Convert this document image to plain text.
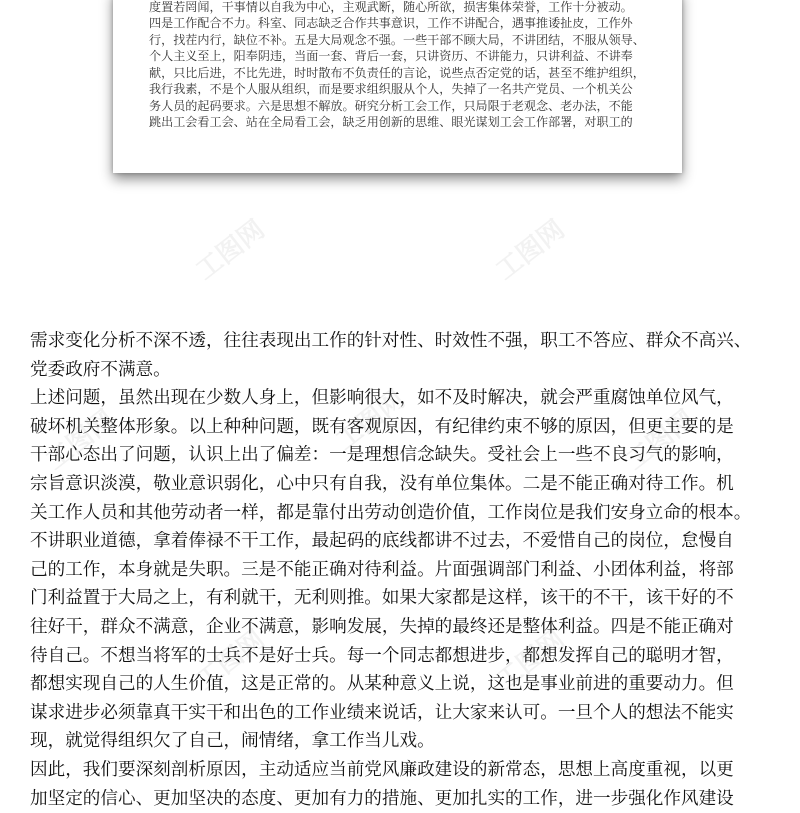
度置若罔闻，干事情以自我为中心，主观武断，随心所欲，损害集体荣誉，工作十分被动。
四是工作配合不力。科室、同志缺乏合作共事意识，工作不讲配合，遇事推诿扯皮，工作外
行，找茬内行，缺位不补。五是大局观念不强。一些干部不顾大局，不讲团结，不服从领导、
个人主义至上，阳奉阴违，当面一套、背后一套，只讲资历、不讲能力，只讲利益、不讲奉
献，只比后进，不比先进，时时散布不负责任的言论，说些点否定党的话，甚至不维护组织，
我行我素，不是个人服从组织，而是要求组织服从个人，失掉了一名共产党员、一个机关公
务人员的起码要求。六是思想不解放。研究分析工会工作，只局限于老观念、老办法，不能
跳出工会看工会、站在全局看工会，缺乏用创新的思维、眼光谋划工会工作部署，对职工的
工图网	工图网
工图网	工图网	工图网
工图网	工图网

需求变化分析不深不透，往往表现出工作的针对性、时效性不强，职工不答应、群众不高兴、

党委政府不满意。

上述问题，虽然出现在少数人身上，但影响很大，如不及时解决，就会严重腐蚀单位风气，

破坏机关整体形象。以上种种问题，既有客观原因，有纪律约束不够的原因，但更主要的是

干部心态出了问题，认识上出了偏差：一是理想信念缺失。受社会上一些不良习气的影响，

宗旨意识淡漠，敬业意识弱化，心中只有自我，没有单位集体。二是不能正确对待工作。机

关工作人员和其他劳动者一样，都是靠付出劳动创造价值，工作岗位是我们安身立命的根本。

不讲职业道德，拿着俸禄不干工作，最起码的底线都讲不过去，不爱惜自己的岗位，怠慢自

己的工作，本身就是失职。三是不能正确对待利益。片面强调部门利益、小团体利益，将部

门利益置于大局之上，有利就干，无利则推。如果大家都是这样，该干的不干，该干好的不

往好干，群众不满意，企业不满意，影响发展，失掉的最终还是整体利益。四是不能正确对

待自己。不想当将军的士兵不是好士兵。每一个同志都想进步，都想发挥自己的聪明才智，

都想实现自己的人生价值，这是正常的。从某种意义上说，这也是事业前进的重要动力。但

谋求进步必须靠真干实干和出色的工作业绩来说话，让大家来认可。一旦个人的想法不能实

现，就觉得组织欠了自己，闹情绪，拿工作当儿戏。

因此，我们要深刻剖析原因，主动适应当前党风廉政建设的新常态，思想上高度重视，以更

加坚定的信心、更加坚决的态度、更加有力的措施、更加扎实的工作，进一步强化作风建设
